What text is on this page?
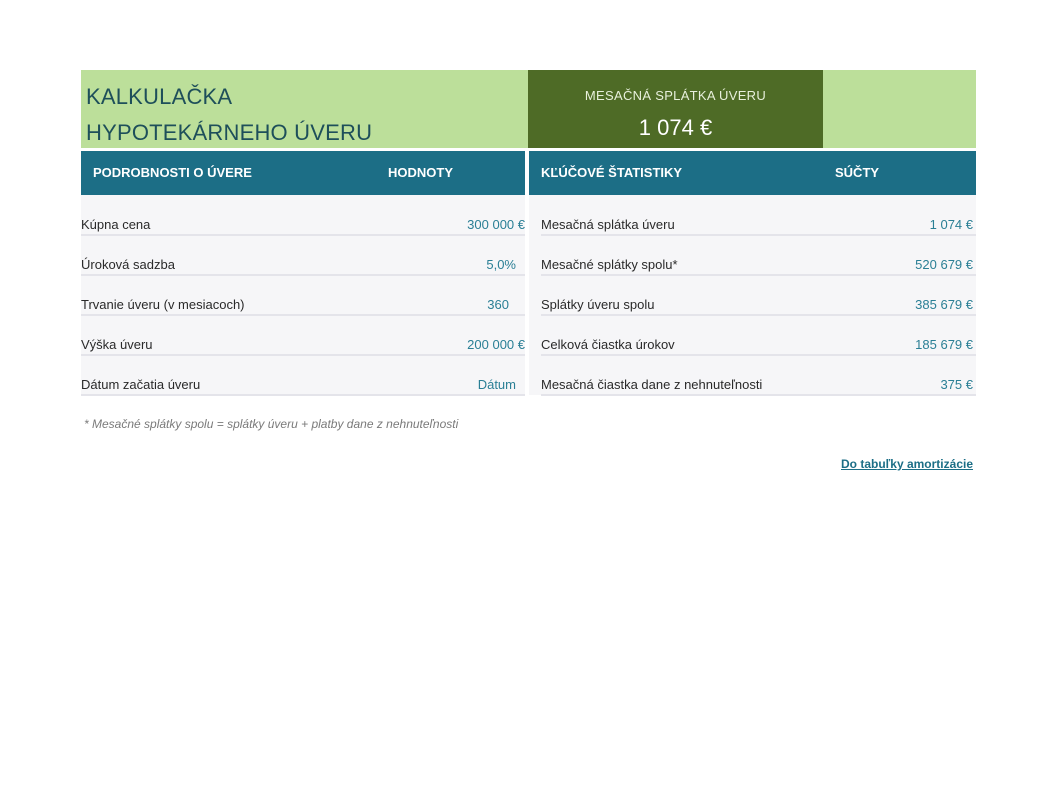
KALKULAČKA
HYPOTEKÁRNEHO ÚVERU
MESAČNÁ SPLÁTKA ÚVERU
1 074 €
PODROBNOSTI O ÚVERE	HODNOTY	KĽÚČOVÉ ŠTATISTIKY	SÚČTY
Kúpna cena	300 000 €
Úroková sadzba	5,0%
Trvanie úveru (v mesiacoch)	360
Výška úveru	200 000 €
Dátum začatia úveru	Dátum
Mesačná splátka úveru	1 074 €
Mesačné splátky spolu*	520 679 €
Splátky úveru spolu	385 679 €
Celková čiastka úrokov	185 679 €
Mesačná čiastka dane z nehnuteľnosti	375 €
* Mesačné splátky spolu = splátky úveru + platby dane z nehnuteľnosti
Do tabuľky amortizácie
